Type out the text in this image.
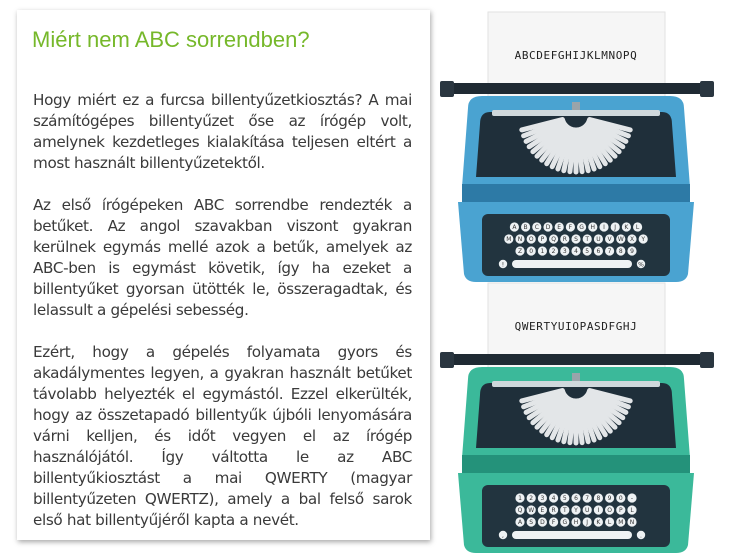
Miért nem ABC sorrendben?

Hogy miért ez a furcsa billentyűzetkiosztás? A mai számítógépes billentyűzet őse az írógép volt, amelynek kezdetleges kialakítása teljesen eltért a most használt billentyűzetektől.

Az első írógépeken ABC sorrendbe rendezték a betűket. Az angol szavakban viszont gyakran kerülnek egymás mellé azok a betűk, amelyek az ABC-ben is egymást követik, így ha ezeket a billentyűket gyorsan ütötték le, összeragadtak, és lelassult a gépelési sebesség.

Ezért, hogy a gépelés folyamata gyors és akadálymentes legyen, a gyakran használt betűket távolabb helyezték el egymástól. Ezzel elkerülték, hogy az összetapadó billentyűk újbóli lenyomására várni kelljen, és időt vegyen el az írógép használójától. Így váltotta le az ABC billentyűkiosztást a mai QWERTY (magyar billentyűzeten QWERTZ), amely a bal felső sarok első hat billentyűjéről kapta a nevét.

ABCDEFGHIJKLMNOPQ
A B C D E F G H I J K L
M N O P Q R S T U V W X Y
Z 0 1 2 3 4 5 6 7 8 9
!	%
QWERTYUIOPASDFGHJ
1 2 3 4 5 6 7 8 9 0 -
Q W E R T Y U I O P L
A S D F G H J K L M N
,	.
